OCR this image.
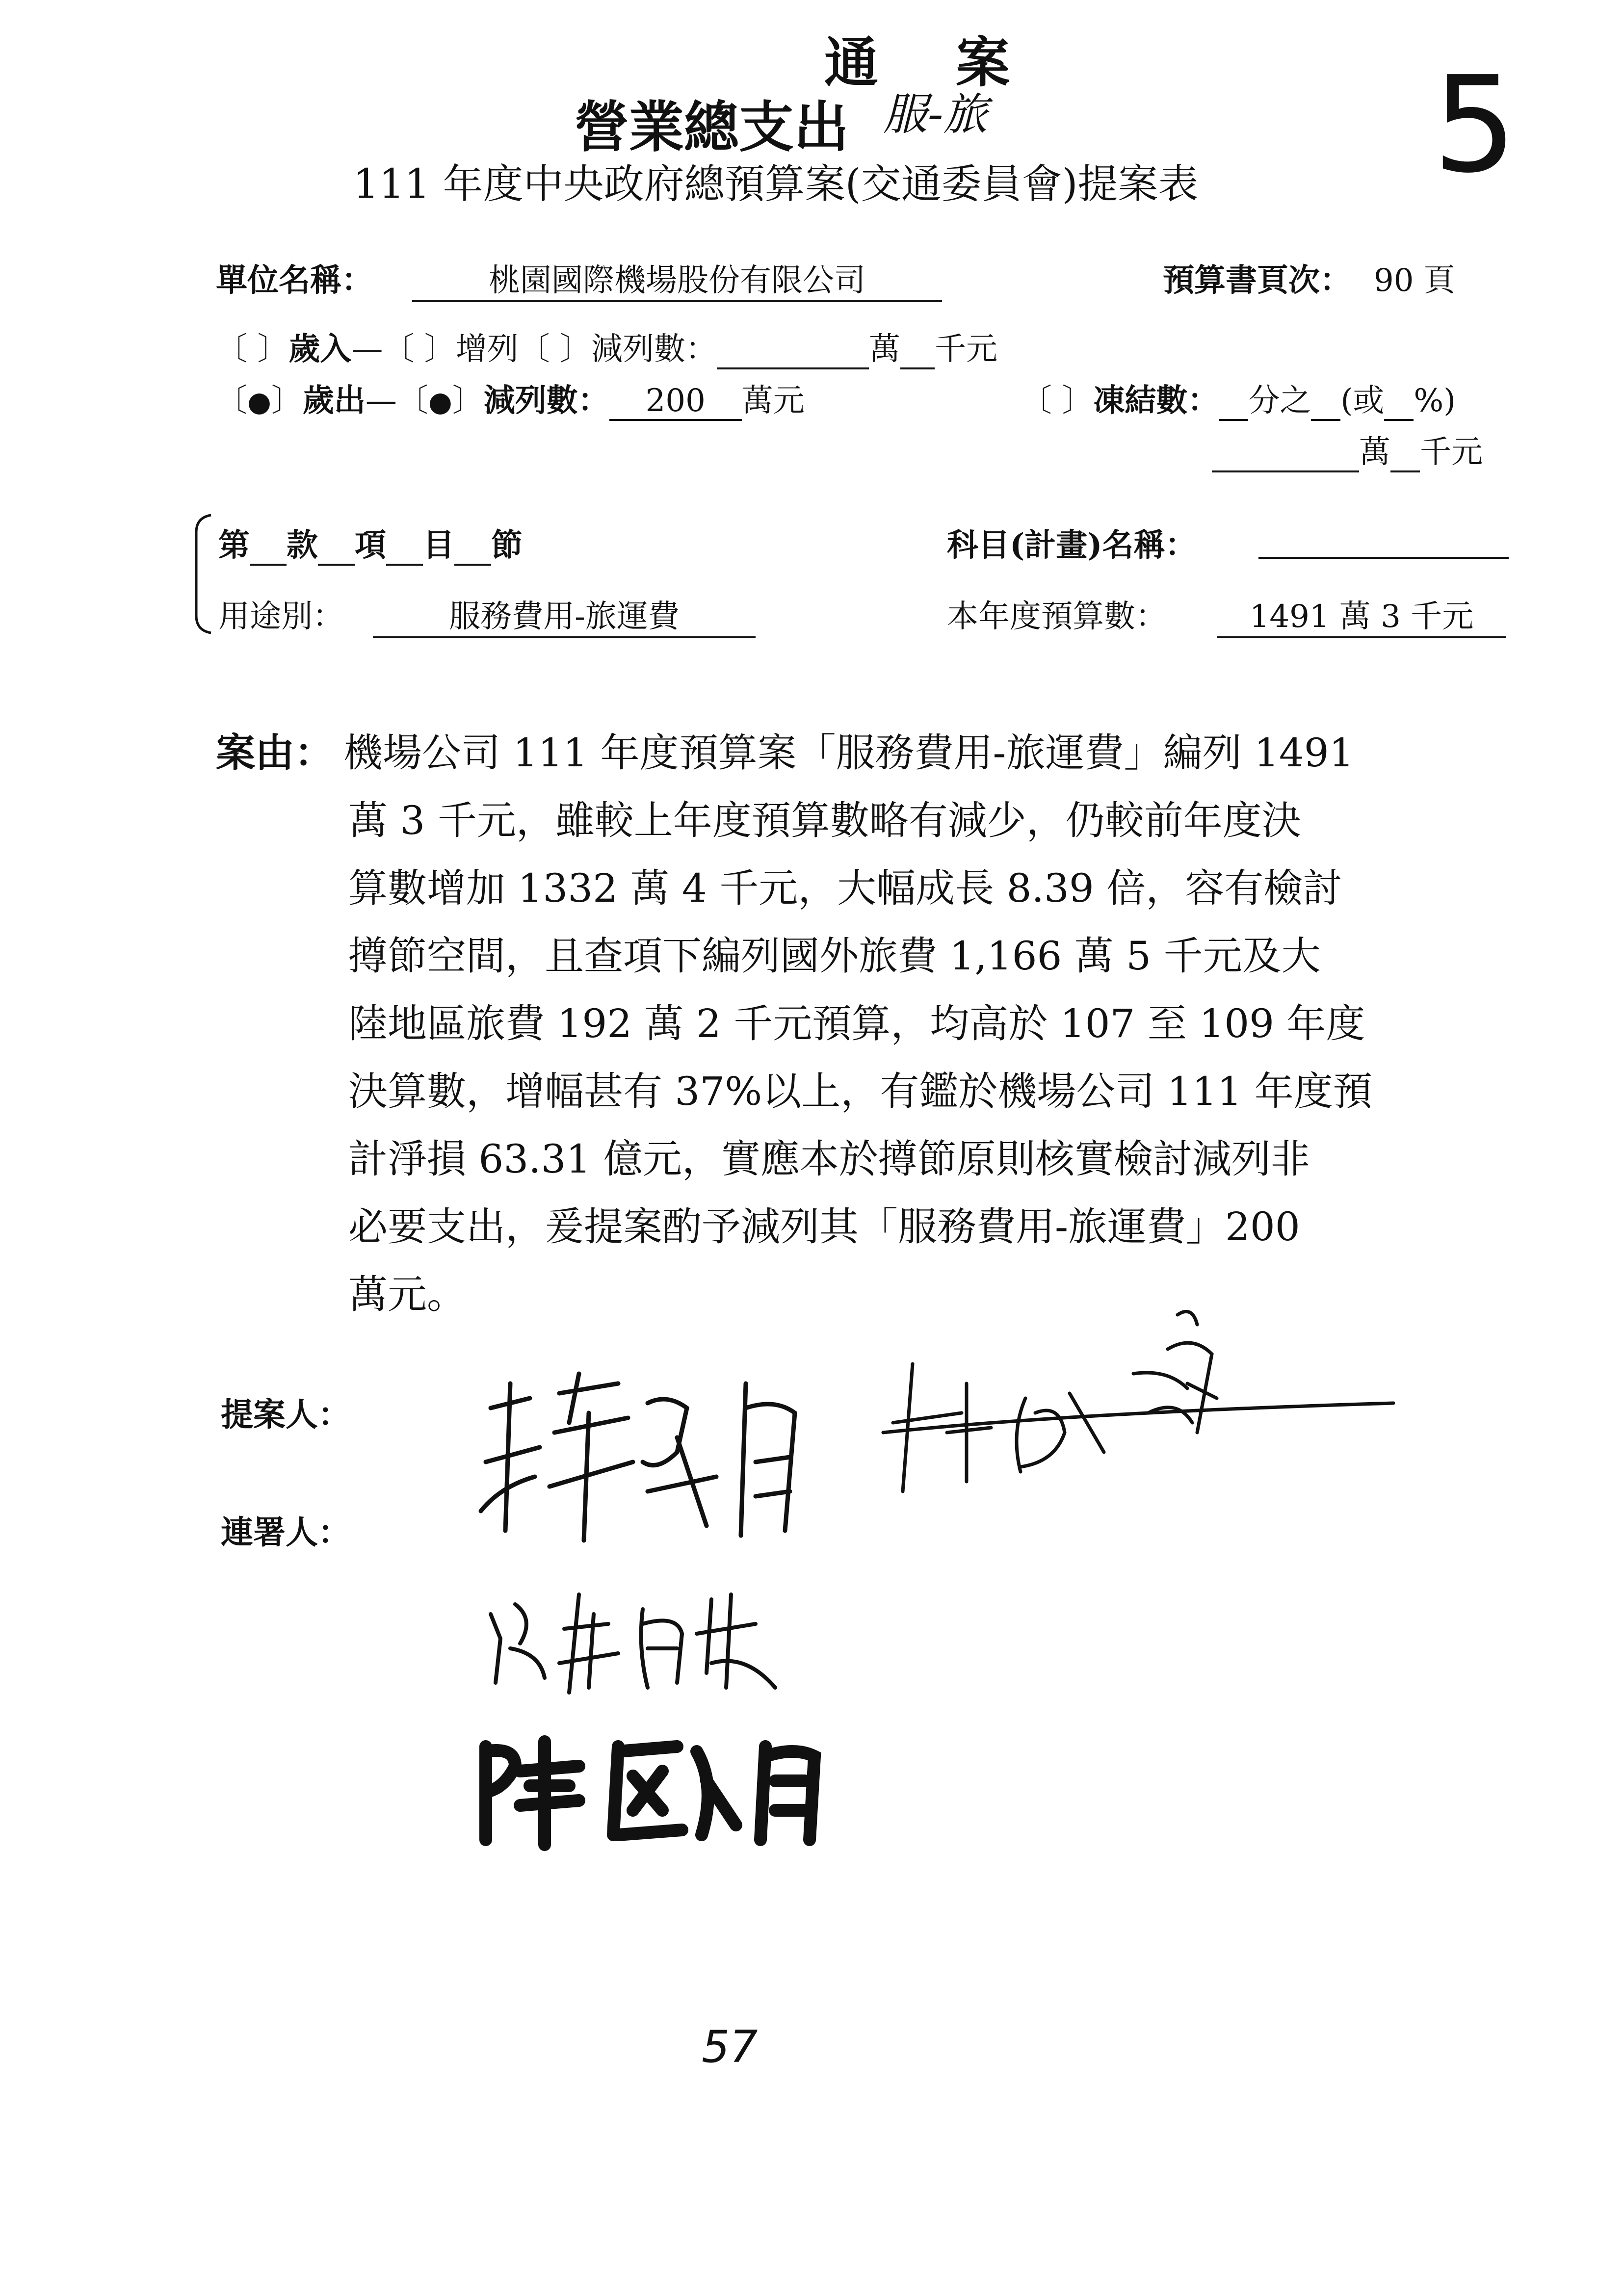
通 案
營業總支出 服-旅	5
111 年度中央政府總預算案(交通委員會)提案表
單位名稱：	桃園國際機場股份有限公司	預算書頁次： 90 頁
〔 〕歲入—〔 〕增列〔 〕減列數：	萬 千元
〔●〕歲出—〔●〕減列數： 200 萬元	〔 〕凍結數： 分之 (或 %)
萬 千元
第 款 項 目 節	科目(計畫)名稱：
用途別：	服務費用-旅運費	本年度預算數：	1491 萬 3 千元
案由： 機場公司 111 年度預算案「服務費用-旅運費」編列 1491
萬 3 千元，雖較上年度預算數略有減少，仍較前年度決
算數增加 1332 萬 4 千元，大幅成長 8.39 倍，容有檢討
撙節空間，且查項下編列國外旅費 1,166 萬 5 千元及大
陸地區旅費 192 萬 2 千元預算，均高於 107 至 109 年度
決算數，增幅甚有 37%以上，有鑑於機場公司 111 年度預
計淨損 63.31 億元，實應本於撙節原則核實檢討減列非
必要支出，爰提案酌予減列其「服務費用-旅運費」200
萬元。
提案人：
連署人：
57
